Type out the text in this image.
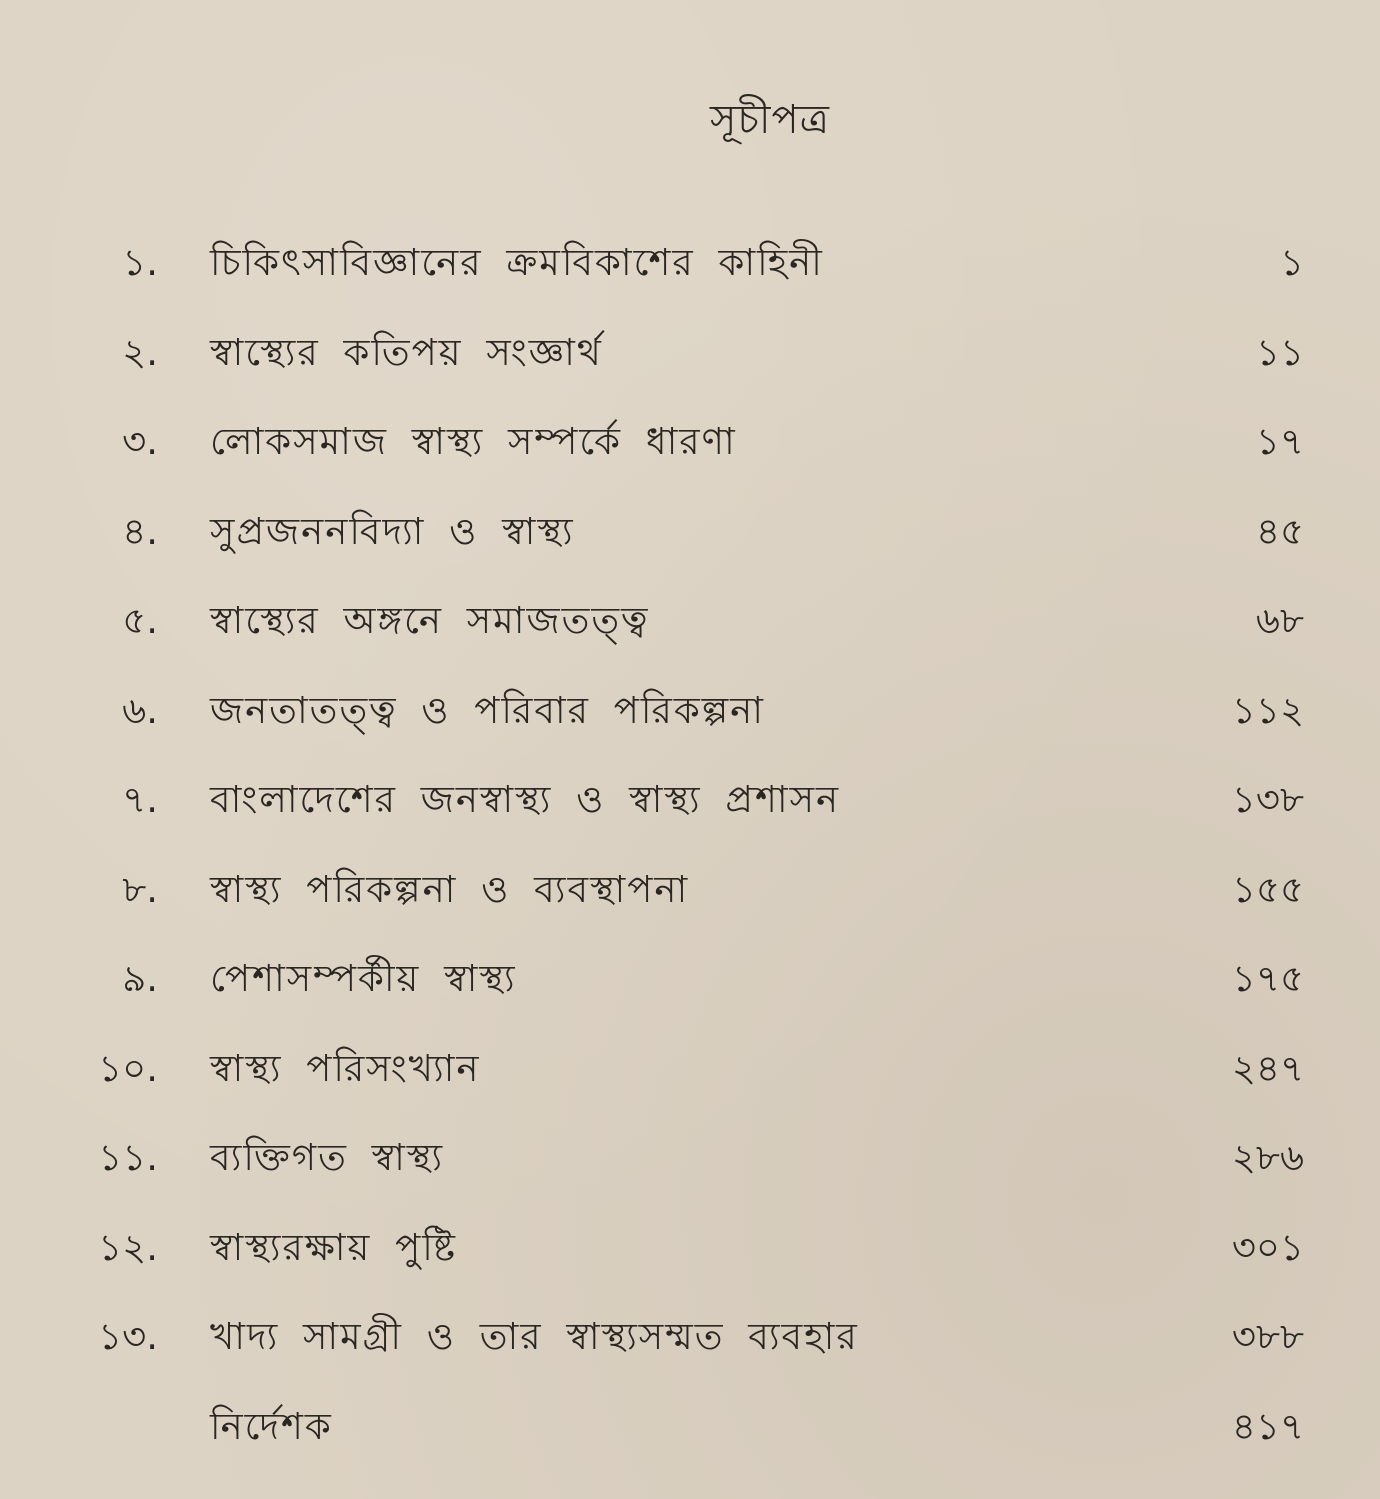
সূচীপত্র
১. চিকিৎসাবিজ্ঞানের ক্রমবিকাশের কাহিনী	১
২. স্বাস্থ্যের কতিপয় সংজ্ঞার্থ	১১
৩. লোকসমাজ স্বাস্থ্য সম্পর্কে ধারণা	১৭
৪. সুপ্রজননবিদ্যা ও স্বাস্থ্য	৪৫
৫. স্বাস্থ্যের অঙ্গনে সমাজতত্ত্ব	৬৮
৬. জনতাতত্ত্ব ও পরিবার পরিকল্পনা	১১২
৭. বাংলাদেশের জনস্বাস্থ্য ও স্বাস্থ্য প্রশাসন	১৩৮
৮. স্বাস্থ্য পরিকল্পনা ও ব্যবস্থাপনা	১৫৫
৯. পেশাসম্পর্কীয় স্বাস্থ্য	১৭৫
১০. স্বাস্থ্য পরিসংখ্যান	২৪৭
১১. ব্যক্তিগত স্বাস্থ্য	২৮৬
১২. স্বাস্থ্যরক্ষায় পুষ্টি	৩০১
১৩. খাদ্য সামগ্রী ও তার স্বাস্থ্যসম্মত ব্যবহার	৩৮৮
নির্দেশক	৪১৭
